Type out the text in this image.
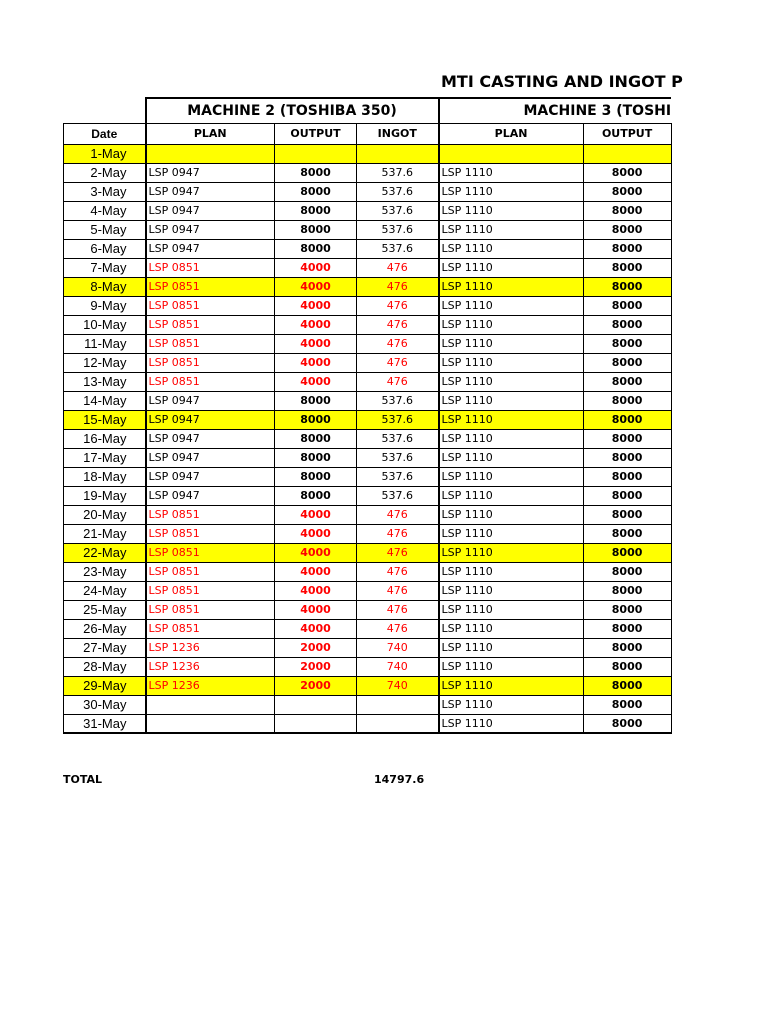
MTI CASTING AND INGOT P
	MACHINE 2 (TOSHIBA 350)			MACHINE 3 (TOSHI	
Date	PLAN	OUTPUT	INGOT	PLAN	OUTPUT
1-May					
2-May	LSP 0947	8000	537.6	LSP 1110	8000
3-May	LSP 0947	8000	537.6	LSP 1110	8000
4-May	LSP 0947	8000	537.6	LSP 1110	8000
5-May	LSP 0947	8000	537.6	LSP 1110	8000
6-May	LSP 0947	8000	537.6	LSP 1110	8000
7-May	LSP 0851	4000	476	LSP 1110	8000
8-May	LSP 0851	4000	476	LSP 1110	8000
9-May	LSP 0851	4000	476	LSP 1110	8000
10-May	LSP 0851	4000	476	LSP 1110	8000
11-May	LSP 0851	4000	476	LSP 1110	8000
12-May	LSP 0851	4000	476	LSP 1110	8000
13-May	LSP 0851	4000	476	LSP 1110	8000
14-May	LSP 0947	8000	537.6	LSP 1110	8000
15-May	LSP 0947	8000	537.6	LSP 1110	8000
16-May	LSP 0947	8000	537.6	LSP 1110	8000
17-May	LSP 0947	8000	537.6	LSP 1110	8000
18-May	LSP 0947	8000	537.6	LSP 1110	8000
19-May	LSP 0947	8000	537.6	LSP 1110	8000
20-May	LSP 0851	4000	476	LSP 1110	8000
21-May	LSP 0851	4000	476	LSP 1110	8000
22-May	LSP 0851	4000	476	LSP 1110	8000
23-May	LSP 0851	4000	476	LSP 1110	8000
24-May	LSP 0851	4000	476	LSP 1110	8000
25-May	LSP 0851	4000	476	LSP 1110	8000
26-May	LSP 0851	4000	476	LSP 1110	8000
27-May	LSP 1236	2000	740	LSP 1110	8000
28-May	LSP 1236	2000	740	LSP 1110	8000
29-May	LSP 1236	2000	740	LSP 1110	8000
30-May				LSP 1110	8000
31-May				LSP 1110	8000
TOTAL	14797.6
